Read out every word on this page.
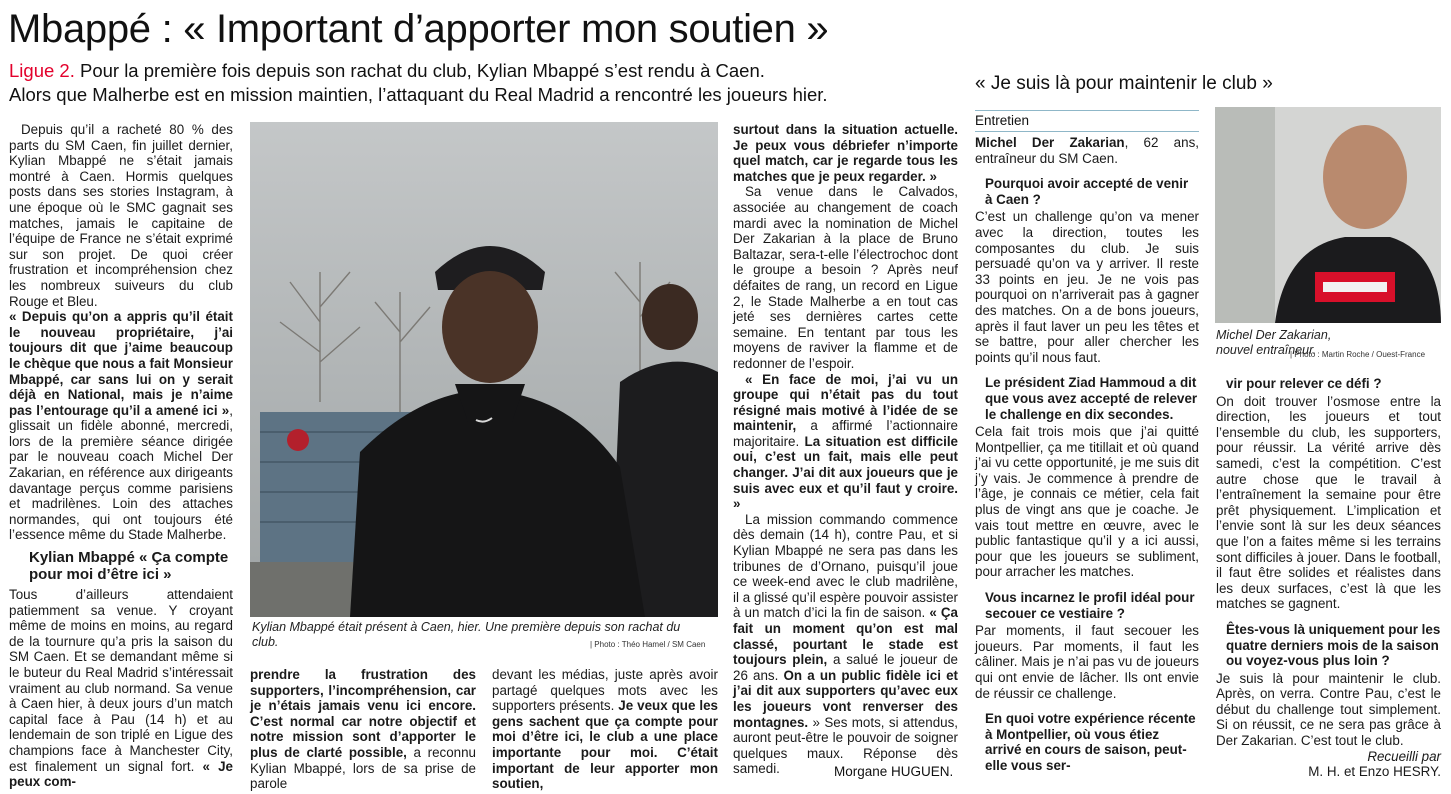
Mbappé : « Important d’apporter mon soutien »
Ligue 2. Pour la première fois depuis son rachat du club, Kylian Mbappé s’est rendu à Caen.
Alors que Malherbe est en mission maintien, l’attaquant du Real Madrid a rencontré les joueurs hier.

Depuis qu’il a racheté 80 % des parts du SM Caen, fin juillet dernier, Kylian Mbappé ne s’était jamais montré à Caen. Hormis quelques posts dans ses stories Instagram, à une époque où le SMC gagnait ses matches, jamais le capitaine de l’équipe de France ne s’était exprimé sur son projet. De quoi créer frustration et incompréhension chez les nombreux suiveurs du club Rouge et Bleu.

« Depuis qu’on a appris qu’il était le nouveau propriétaire, j’ai toujours dit que j’aime beaucoup le chèque que nous a fait Monsieur Mbappé, car sans lui on y serait déjà en National, mais je n’aime pas l’entourage qu’il a amené ici », glissait un fidèle abonné, mercredi, lors de la première séance dirigée par le nouveau coach Michel Der Zakarian, en référence aux dirigeants davantage perçus comme parisiens et madrilènes. Loin des attaches normandes, qui ont toujours été l’essence même du Stade Malherbe.

Kylian Mbappé « Ça compte pour moi d’être ici »

Tous d’ailleurs attendaient patiemment sa venue. Y croyant même de moins en moins, au regard de la tournure qu’a pris la saison du SM Caen. Et se demandant même si le buteur du Real Madrid s’intéressait vraiment au club normand. Sa venue à Caen hier, à deux jours d’un match capital face à Pau (14 h) et au lendemain de son triplé en Ligue des champions face à Manchester City, est finalement un signal fort. « Je peux com-

Kylian Mbappé était présent à Caen, hier. Une première depuis son rachat du club.	| Photo : Théo Hamel / SM Caen

prendre la frustration des supporters, l’incompréhension, car je n’étais jamais venu ici encore. C’est normal car notre objectif et notre mission sont d’apporter le plus de clarté possible, a reconnu Kylian Mbappé, lors de sa prise de parole

devant les médias, juste après avoir partagé quelques mots avec les supporters présents. Je veux que les gens sachent que ça compte pour moi d’être ici, le club a une place importante pour moi. C’était important de leur apporter mon soutien,

surtout dans la situation actuelle. Je peux vous débriefer n’importe quel match, car je regarde tous les matches que je peux regarder. »

Sa venue dans le Calvados, associée au changement de coach mardi avec la nomination de Michel Der Zakarian à la place de Bruno Baltazar, sera-t-elle l’électrochoc dont le groupe a besoin ? Après neuf défaites de rang, un record en Ligue 2, le Stade Malherbe a en tout cas jeté ses dernières cartes cette semaine. En tentant par tous les moyens de raviver la flamme et de redonner de l’espoir.

« En face de moi, j’ai vu un groupe qui n’était pas du tout résigné mais motivé à l’idée de se maintenir, a affirmé l’actionnaire majoritaire. La situation est difficile oui, c’est un fait, mais elle peut changer. J’ai dit aux joueurs que je suis avec eux et qu’il faut y croire. »

La mission commando commence dès demain (14 h), contre Pau, et si Kylian Mbappé ne sera pas dans les tribunes de d’Ornano, puisqu’il joue ce week-end avec le club madrilène, il a glissé qu’il espère pouvoir assister à un match d’ici la fin de saison. « Ça fait un moment qu’on est mal classé, pourtant le stade est toujours plein, a salué le joueur de 26 ans. On a un public fidèle ici et j’ai dit aux supporters qu’avec eux les joueurs vont renverser des montagnes. » Ses mots, si attendus, auront peut-être le pouvoir de soigner quelques maux. Réponse dès samedi.	Morgane HUGUEN.
« Je suis là pour maintenir le club »
Entretien

Michel Der Zakarian, 62 ans, entraîneur du SM Caen.

Pourquoi avoir accepté de venir à Caen ?

C’est un challenge qu’on va mener avec la direction, toutes les composantes du club. Je suis persuadé qu’on va y arriver. Il reste 33 points en jeu. Je ne vois pas pourquoi on n’arriverait pas à gagner des matches. On a de bons joueurs, après il faut laver un peu les têtes et se battre, pour aller chercher les points qu’il nous faut.

Le président Ziad Hammoud a dit que vous avez accepté de relever le challenge en dix secondes.

Cela fait trois mois que j’ai quitté Montpellier, ça me titillait et où quand j’ai vu cette opportunité, je me suis dit j’y vais. Je commence à prendre de l’âge, je connais ce métier, cela fait plus de vingt ans que je coache. Je vais tout mettre en œuvre, avec le public fantastique qu’il y a ici aussi, pour que les joueurs se subliment, pour arracher les matches.

Vous incarnez le profil idéal pour secouer ce vestiaire ?

Par moments, il faut secouer les joueurs. Par moments, il faut les câliner. Mais je n’ai pas vu de joueurs qui ont envie de lâcher. Ils ont envie de réussir ce challenge.

En quoi votre expérience récente à Montpellier, où vous étiez arrivé en cours de saison, peut-elle vous ser-

Michel Der Zakarian, nouvel entraîneur.
| Photo : Martin Roche / Ouest-France

vir pour relever ce défi ?

On doit trouver l’osmose entre la direction, les joueurs et tout l’ensemble du club, les supporters, pour réussir. La vérité arrive dès samedi, c’est la compétition. C’est autre chose que le travail à l’entraînement la semaine pour être prêt physiquement. L’implication et l’envie sont là sur les deux séances que l’on a faites même si les terrains sont difficiles à jouer. Dans le football, il faut être solides et réalistes dans les deux surfaces, c’est là que les matches se gagnent.

Êtes-vous là uniquement pour les quatre derniers mois de la saison ou voyez-vous plus loin ?

Je suis là pour maintenir le club. Après, on verra. Contre Pau, c’est le début du challenge tout simplement. Si on réussit, ce ne sera pas grâce à Der Zakarian. C’est tout le club.

Recueilli par

M. H. et Enzo HESRY.
